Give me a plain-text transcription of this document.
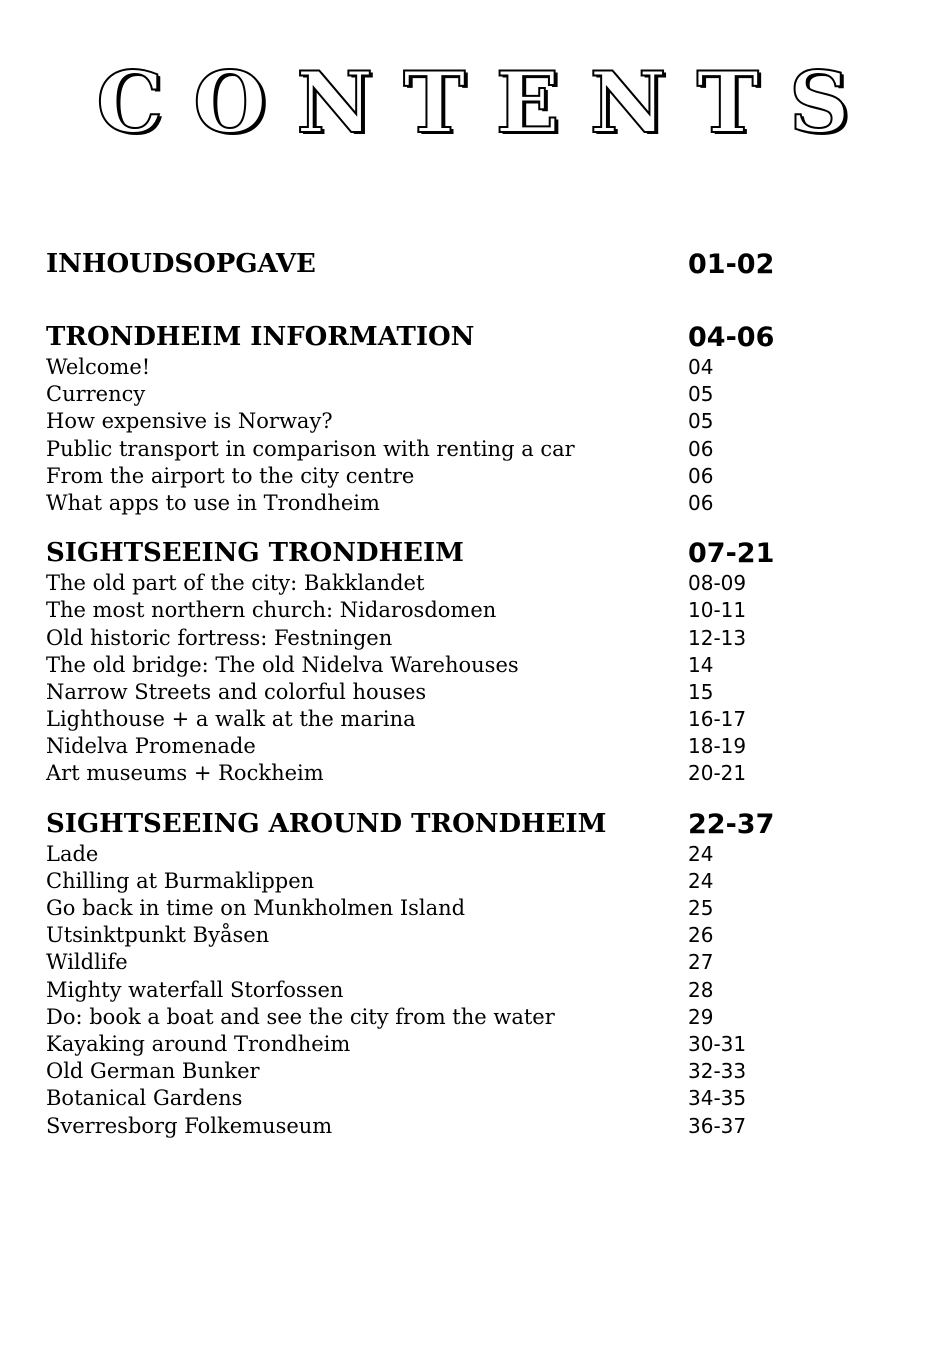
CONTENTS
INHOUDSOPGAVE	01-02
TRONDHEIM INFORMATION	04-06
Welcome!	04
Currency	05
How expensive is Norway?	05
Public transport in comparison with renting a car	06
From the airport to the city centre	06
What apps to use in Trondheim	06
SIGHTSEEING TRONDHEIM	07-21
The old part of the city: Bakklandet	08-09
The most northern church: Nidarosdomen	10-11
Old historic fortress: Festningen	12-13
The old bridge: The old Nidelva Warehouses	14
Narrow Streets and colorful houses	15
Lighthouse + a walk at the marina	16-17
Nidelva Promenade	18-19
Art museums + Rockheim	20-21
SIGHTSEEING AROUND TRONDHEIM	22-37
Lade	24
Chilling at Burmaklippen	24
Go back in time on Munkholmen Island	25
Utsinktpunkt Byåsen	26
Wildlife	27
Mighty waterfall Storfossen	28
Do: book a boat and see the city from the water	29
Kayaking around Trondheim	30-31
Old German Bunker	32-33
Botanical Gardens	34-35
Sverresborg Folkemuseum	36-37
